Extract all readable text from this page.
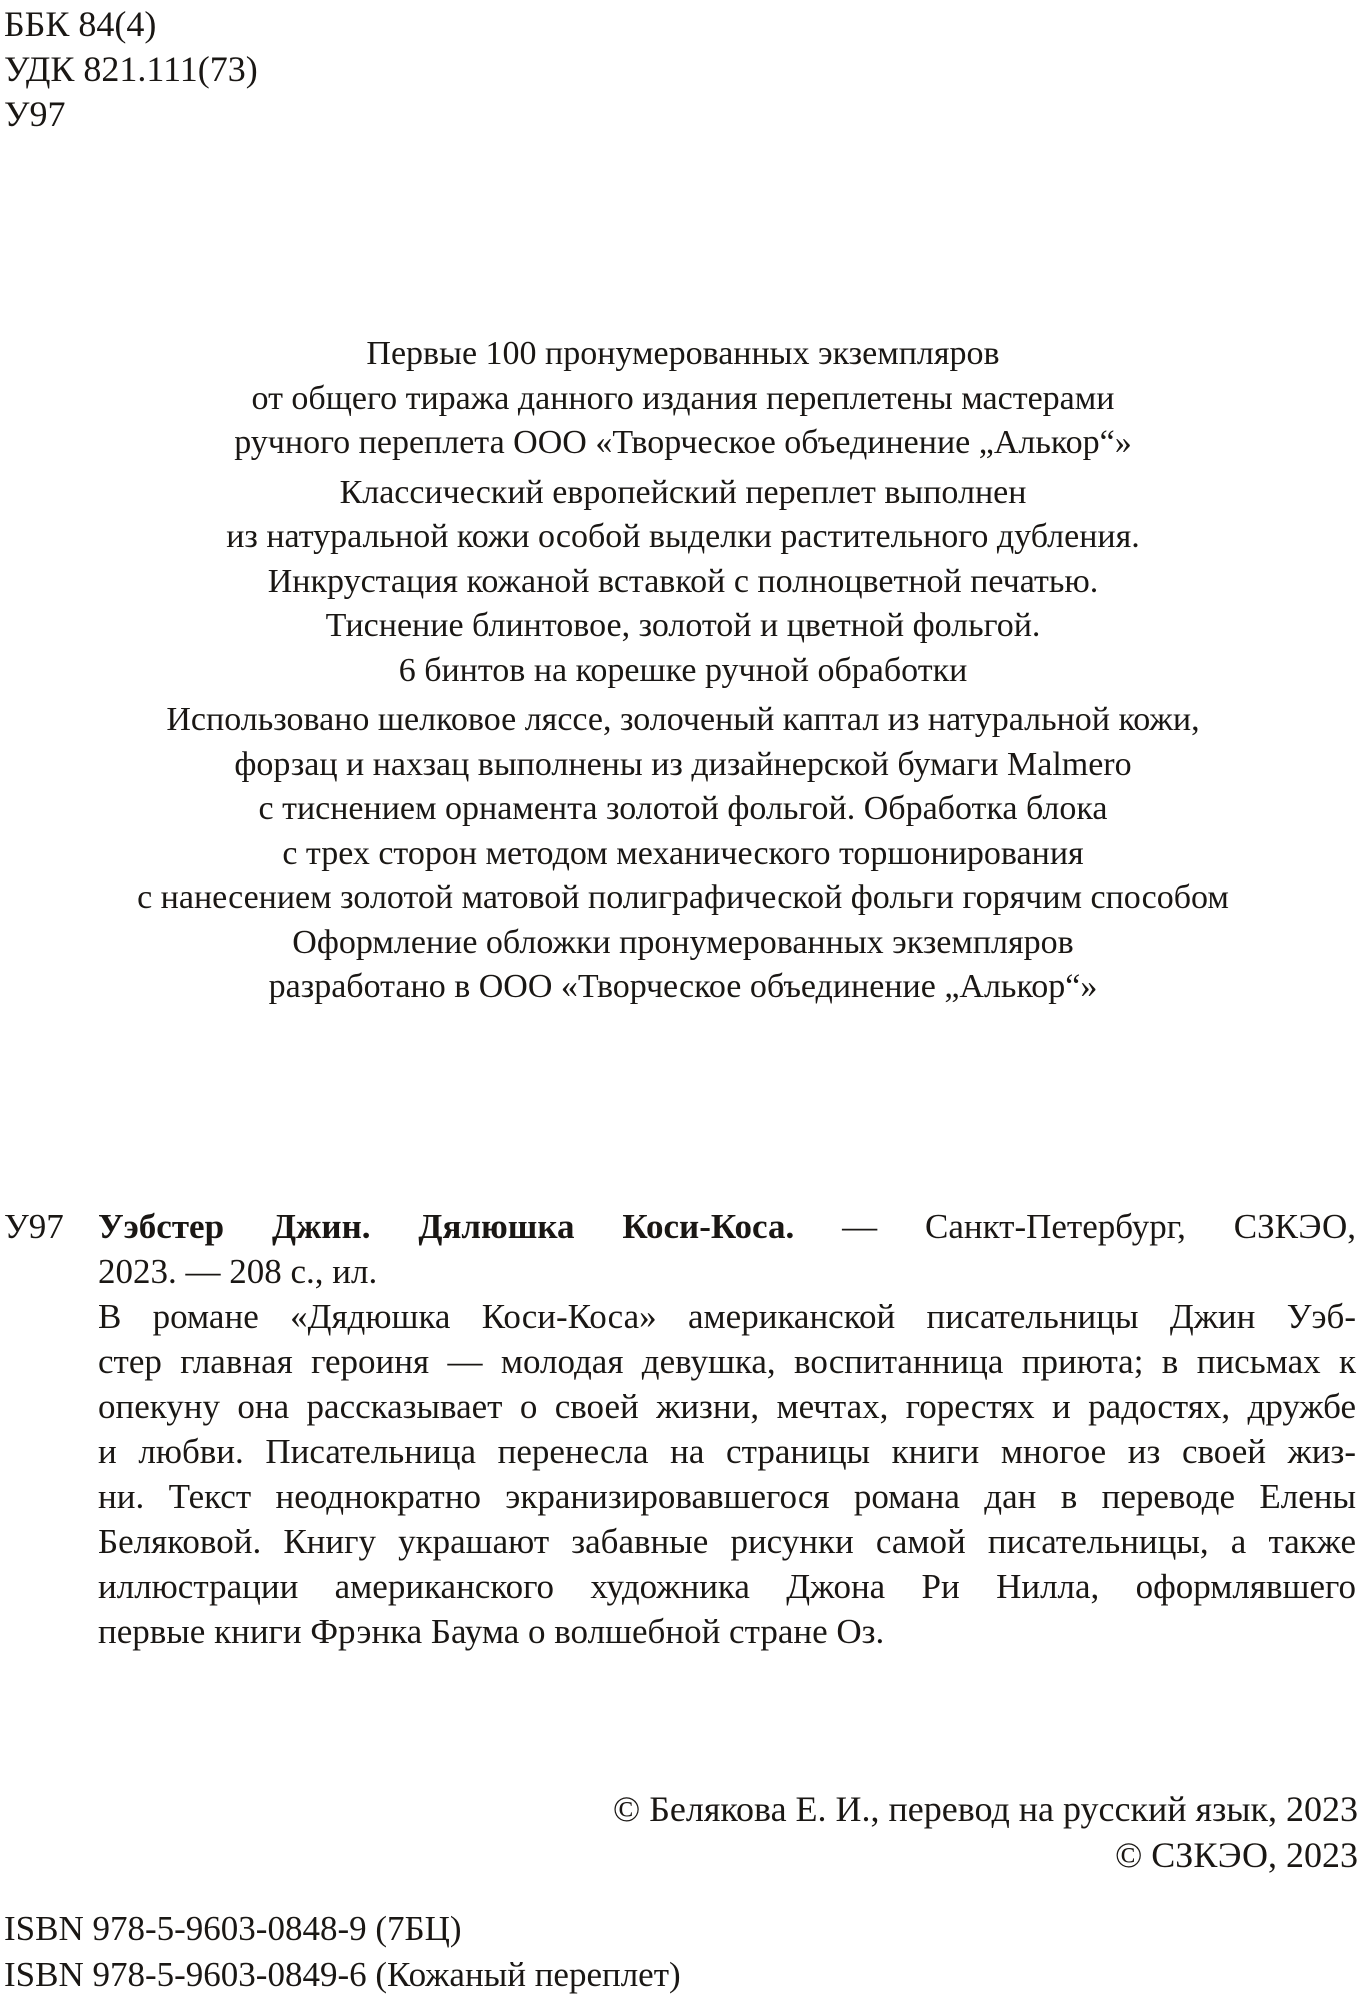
ББК 84(4)
УДК 821.111(73)
У97
Первые 100 пронумерованных экземпляров
от общего тиража данного издания переплетены мастерами
ручного переплета ООО «Творческое объединение „Алькор“»
Классический европейский переплет выполнен
из натуральной кожи особой выделки растительного дубления.
Инкрустация кожаной вставкой с полноцветной печатью.
Тиснение блинтовое, золотой и цветной фольгой.
6 бинтов на корешке ручной обработки
Использовано шелковое ляссе, золоченый каптал из натуральной кожи,
форзац и нахзац выполнены из дизайнерской бумаги Malmero
с тиснением орнамента золотой фольгой. Обработка блока
с трех сторон методом механического торшонирования
с нанесением золотой матовой полиграфической фольги горячим способом
Оформление обложки пронумерованных экземпляров
разработано в ООО «Творческое объединение „Алькор“»
У97 Уэбстер Джин. Дялюшка Коси-Коса. — Санкт-Петербург, СЗКЭО,
2023. — 208 с., ил.
В романе «Дядюшка Коси-Коса» американской писательницы Джин Уэб-
стер главная героиня — молодая девушка, воспитанница приюта; в письмах к
опекуну она рассказывает о своей жизни, мечтах, горестях и радостях, дружбе
и любви. Писательница перенесла на страницы книги многое из своей жиз-
ни. Текст неоднократно экранизировавшегося романа дан в переводе Елены
Беляковой. Книгу украшают забавные рисунки самой писательницы, а также
иллюстрации американского художника Джона Ри Нилла, оформлявшего
первые книги Фрэнка Баума о волшебной стране Оз.
© Белякова Е. И., перевод на русский язык, 2023
© СЗКЭО, 2023
ISBN 978-5-9603-0848-9 (7БЦ)
ISBN 978-5-9603-0849-6 (Кожаный переплет)
